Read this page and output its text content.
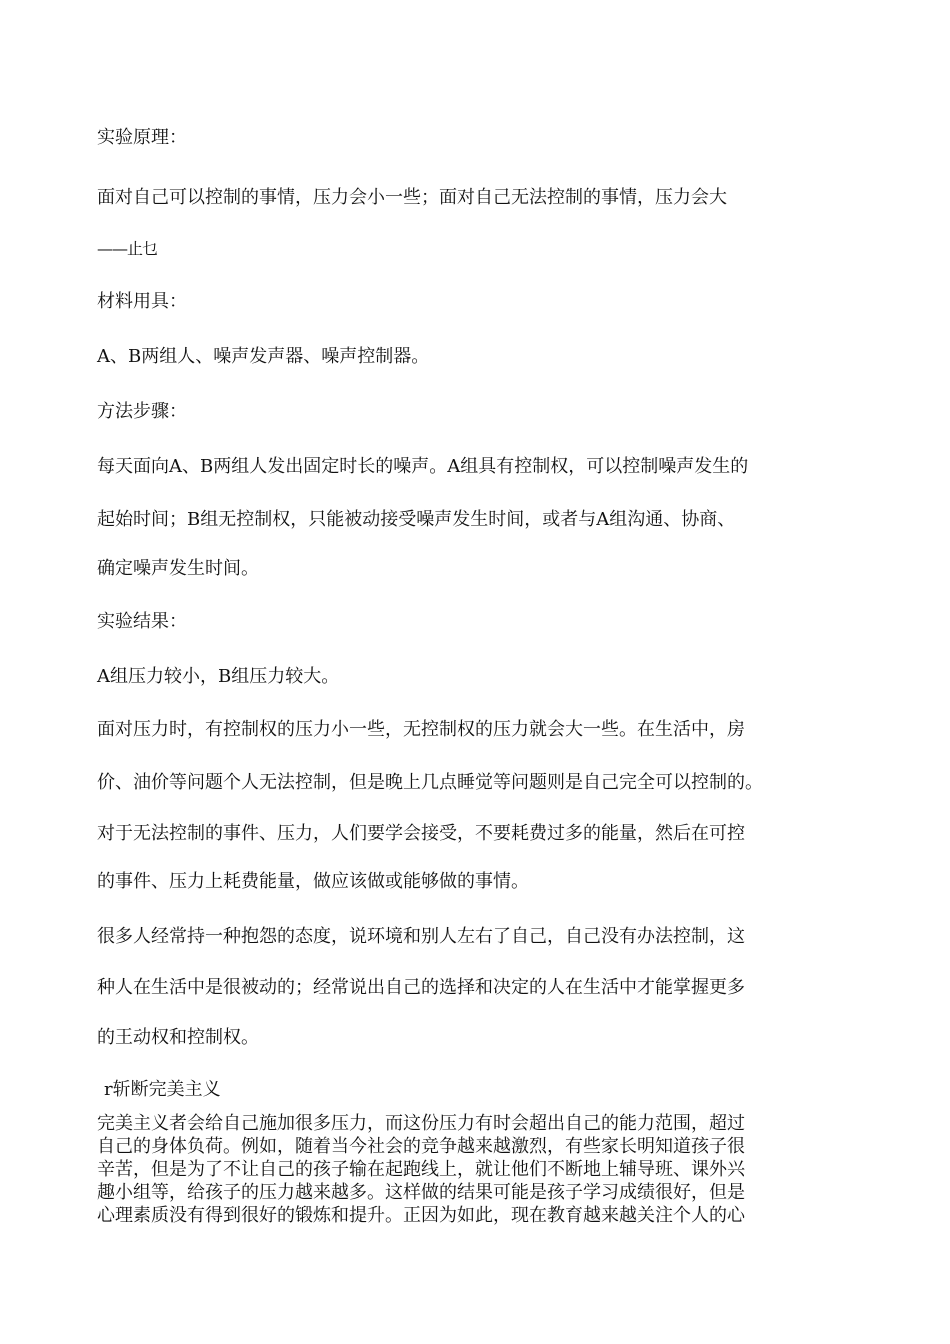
实验原理：
面对自己可以控制的事情，压力会小一些；面对自己无法控制的事情，压力会大
——止乜
材料用具：
A、B两组人、噪声发声器、噪声控制器。
方法步骤：
每天面向A、B两组人发出固定时长的噪声。A组具有控制权，可以控制噪声发生的
起始时间；B组无控制权，只能被动接受噪声发生时间，或者与A组沟通、协商、
确定噪声发生时间。
实验结果：
A组压力较小，B组压力较大。
面对压力时，有控制权的压力小一些，无控制权的压力就会大一些。在生活中，房
价、油价等问题个人无法控制，但是晚上几点睡觉等问题则是自己完全可以控制的。
对于无法控制的事件、压力，人们要学会接受，不要耗费过多的能量，然后在可控
的事件、压力上耗费能量，做应该做或能够做的事情。
很多人经常持一种抱怨的态度，说环境和别人左右了自己，自己没有办法控制，这
种人在生活中是很被动的；经常说出自己的选择和决定的人在生活中才能掌握更多
的王动权和控制权。
r斩断完美主义

完美主义者会给自己施加很多压力，而这份压力有时会超出自己的能力范围，超过

自己的身体负荷。例如，随着当今社会的竞争越来越激烈，有些家长明知道孩子很

辛苦，但是为了不让自己的孩子输在起跑线上，就让他们不断地上辅导班、课外兴

趣小组等，给孩子的压力越来越多。这样做的结果可能是孩子学习成绩很好，但是

心理素质没有得到很好的锻炼和提升。正因为如此，现在教育越来越关注个人的心
